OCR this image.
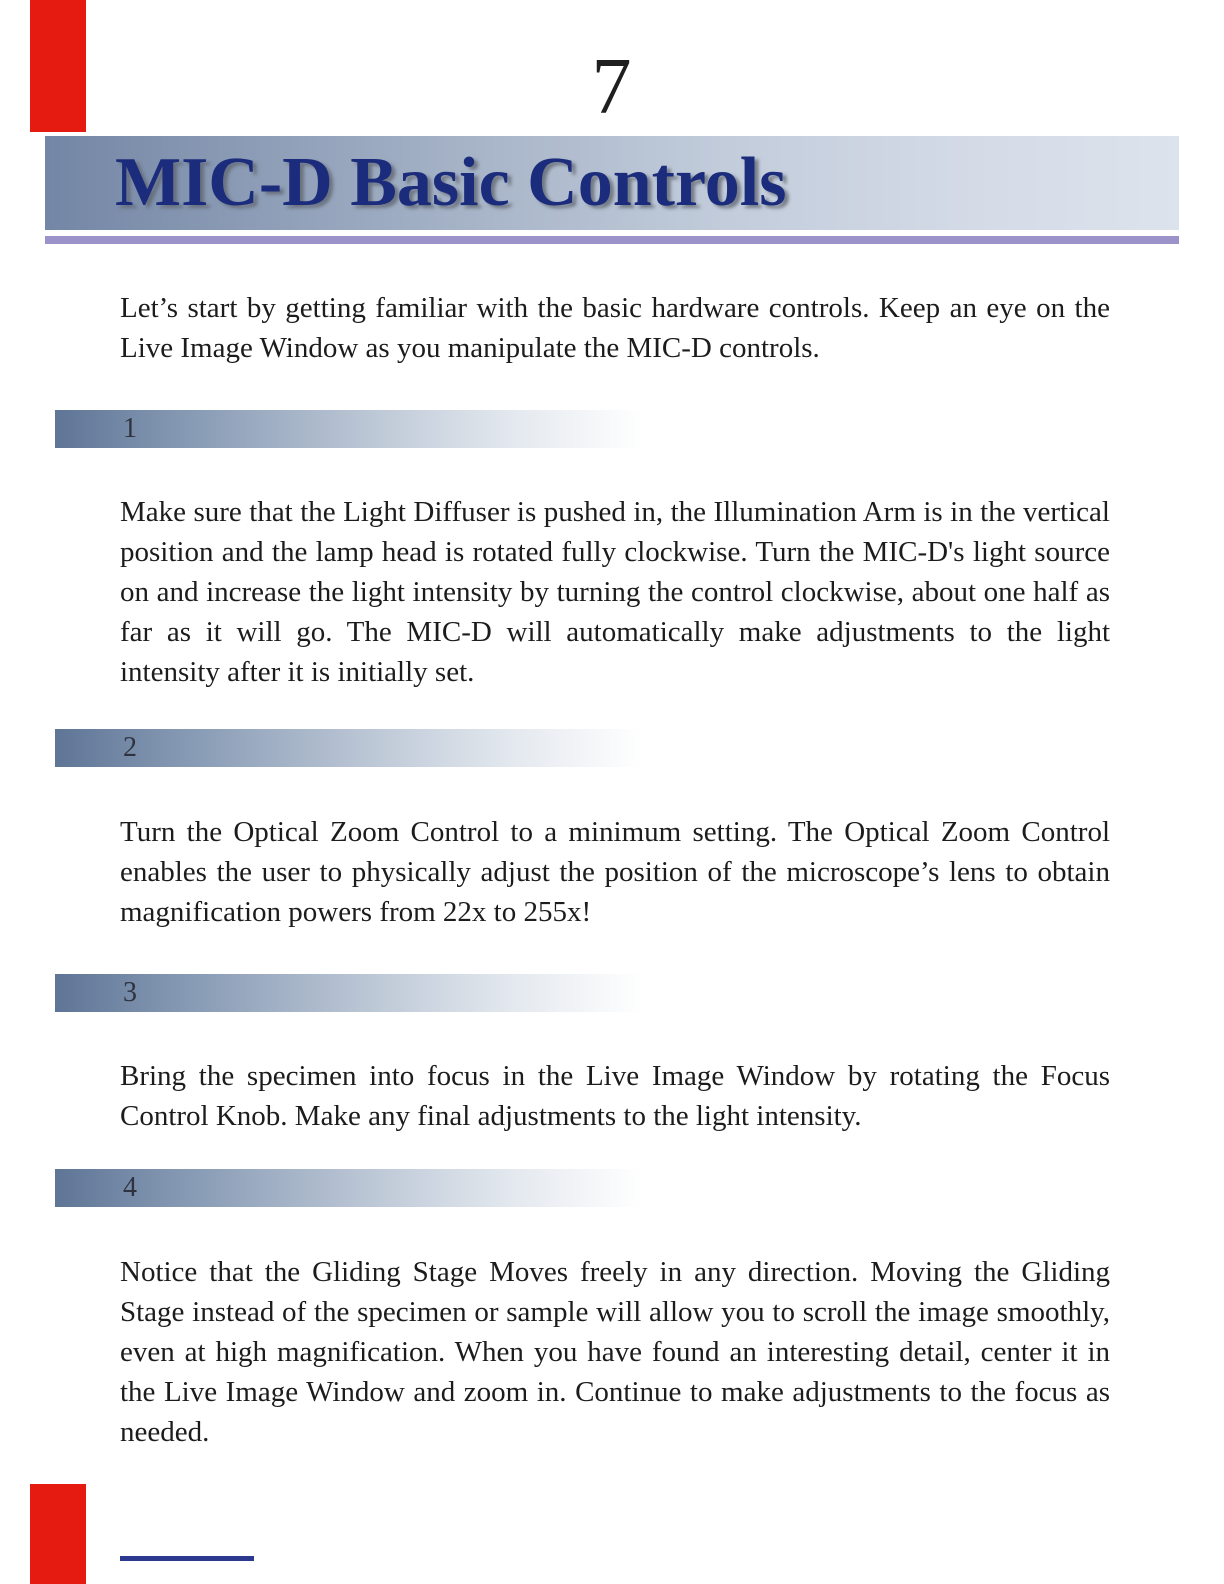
7
MIC-D Basic Controls

Let’s start by getting familiar with the basic hardware controls. Keep an eye on the Live Image Window as you manipulate the MIC-D controls.

1

Make sure that the Light Diffuser is pushed in, the Illumination Arm is in the vertical position and the lamp head is rotated fully clockwise. Turn the MIC-D's light source on and increase the light intensity by turning the control clockwise, about one half as far as it will go. The MIC-D will automatically make adjustments to the light intensity after it is initially set.

2

Turn the Optical Zoom Control to a minimum setting. The Optical Zoom Control enables the user to physically adjust the position of the microscope’s lens to obtain magnification powers from 22x to 255x!

3

Bring the specimen into focus in the Live Image Window by rotating the Focus Control Knob. Make any final adjustments to the light intensity.

4

Notice that the Gliding Stage Moves freely in any direction. Moving the Gliding Stage instead of the specimen or sample will allow you to scroll the image smoothly, even at high magnification. When you have found an interesting detail, center it in the Live Image Window and zoom in. Continue to make adjustments to the focus as needed.
